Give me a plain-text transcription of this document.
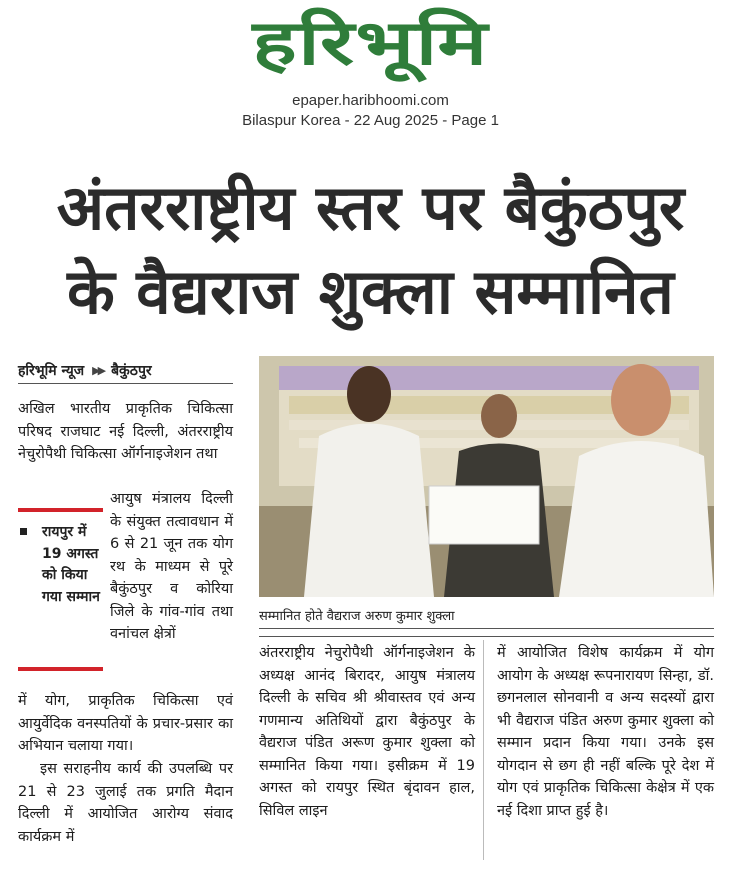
हरिभूमि
epaper.haribhoomi.com
Bilaspur Korea - 22 Aug 2025 - Page 1
अंतरराष्ट्रीय स्तर पर बैकुंठपुर
के वैद्यराज शुक्ला सम्मानित
हरिभूमि न्यूज ▶▶ बैकुंठपुर

अखिल भारतीय प्राकृतिक चिकित्सा परिषद राजघाट नई दिल्ली, अंतरराष्ट्रीय नेचुरोपैथी चिकित्सा ऑर्गनाइजेशन तथा

रायपुर में 19 अगस्त को किया गया सम्मान

आयुष मंत्रालय दिल्ली के संयुक्त तत्वावधान में 6 से 21 जून तक योग रथ के माध्यम से पूरे बैकुंठपुर व कोरिया जिले के गांव-गांव तथा वनांचल क्षेत्रों

में योग, प्राकृतिक चिकित्सा एवं आयुर्वेदिक वनस्पतियों के प्रचार-प्रसार का अभियान चलाया गया।

इस सराहनीय कार्य की उपलब्धि पर 21 से 23 जुलाई तक प्रगति मैदान दिल्ली में आयोजित आरोग्य संवाद कार्यक्रम में

सम्मानित होते वैद्यराज अरुण कुमार शुक्ला

अंतरराष्ट्रीय नेचुरोपैथी ऑर्गनाइजेशन के अध्यक्ष आनंद बिरादर, आयुष मंत्रालय दिल्ली के सचिव श्री श्रीवास्तव एवं अन्य गणमान्य अतिथियों द्वारा बैकुंठपुर के वैद्यराज पंडित अरूण कुमार शुक्ला को सम्मानित किया गया। इसीक्रम में 19 अगस्त को रायपुर स्थित बृंदावन हाल, सिविल लाइन

में आयोजित विशेष कार्यक्रम में योग आयोग के अध्यक्ष रूपनारायण सिन्हा, डॉ. छगनलाल सोनवानी व अन्य सदस्यों द्वारा भी वैद्यराज पंडित अरुण कुमार शुक्ला को सम्मान प्रदान किया गया। उनके इस योगदान से छग ही नहीं बल्कि पूरे देश में योग एवं प्राकृतिक चिकित्सा केक्षेत्र में एक नई दिशा प्राप्त हुई है।
